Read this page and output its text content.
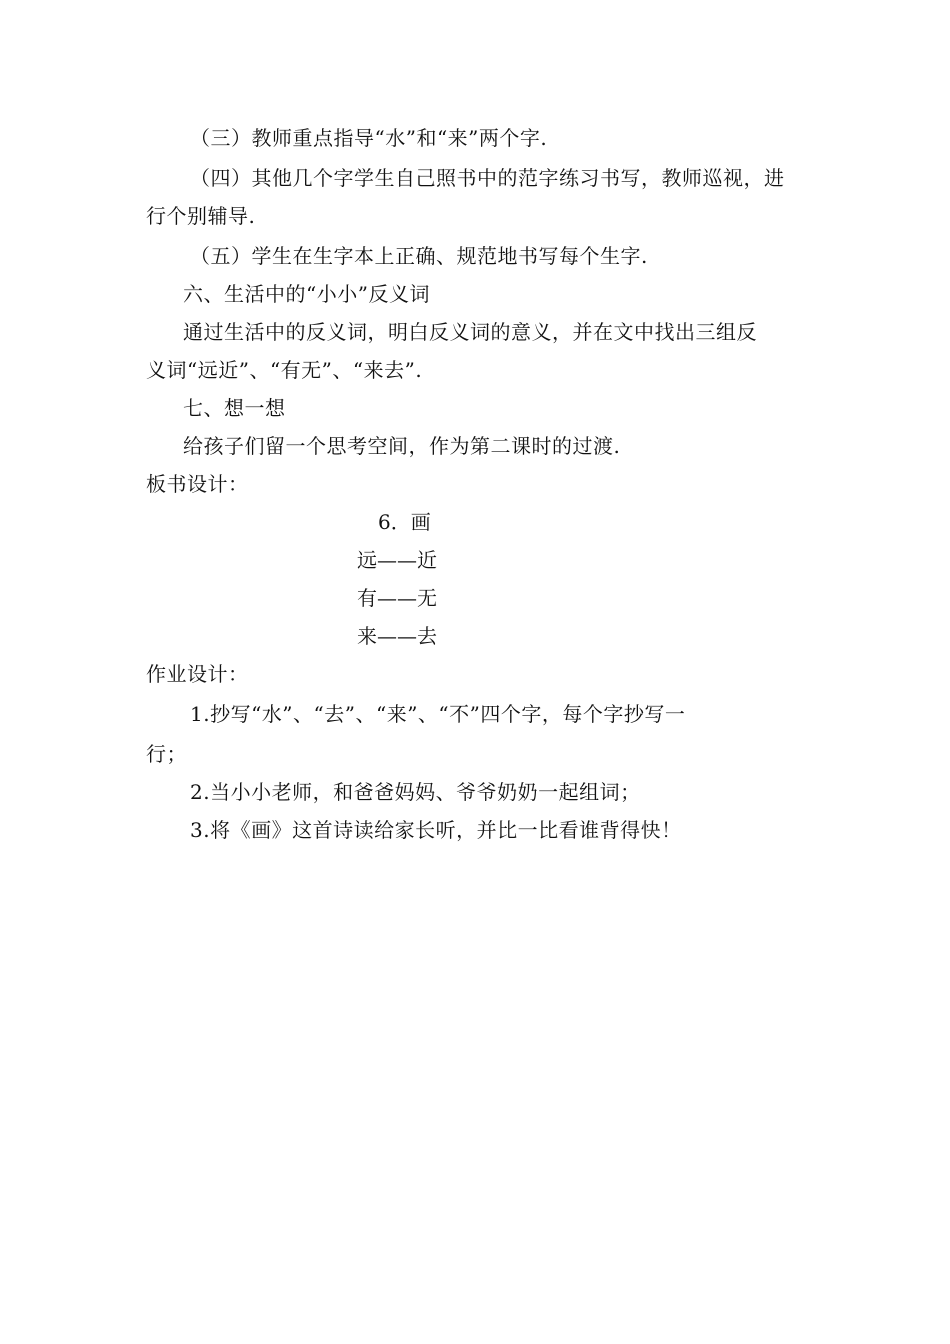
（三）教师重点指导“水”和“来”两个字.
（四）其他几个字学生自己照书中的范字练习书写，教师巡视，进
行个别辅导.
（五）学生在生字本上正确、规范地书写每个生字.
六、生活中的“小小”反义词
通过生活中的反义词，明白反义词的意义，并在文中找出三组反
义词“远近”、“有无”、“来去”.
七、想一想
给孩子们留一个思考空间，作为第二课时的过渡.
板书设计：
6．画
远——近
有——无
来——去
作业设计：
1.抄写“水”、“去”、“来”、“不”四个字，每个字抄写一
行；
2.当小小老师，和爸爸妈妈、爷爷奶奶一起组词；
3.将《画》这首诗读给家长听，并比一比看谁背得快！
